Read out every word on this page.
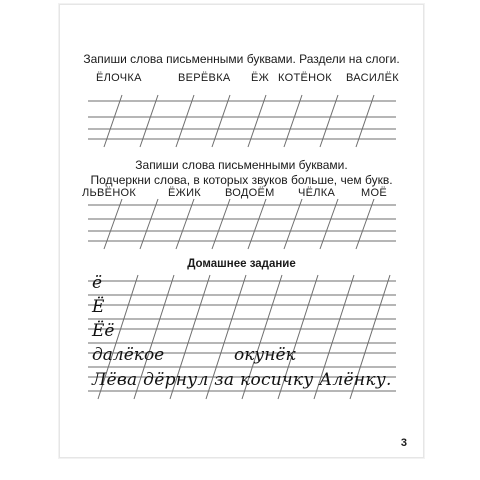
Запиши слова письменными буквами. Раздели на слоги.
ЁЛОЧКА	ВЕРЁВКА ЁЖ КОТЁНОК ВАСИЛЁК
Запиши слова письменными буквами.
Подчеркни слова, в которых звуков больше, чем букв.
ЛЬВЁНОК	ЁЖИК ВОДОЁМ ЧЁЛКА МОЁ
Домашнее задание
ё
Ё
Ёё
далёкое	окунёк
Лёва дёрнул за косичку Алёнку.
3
